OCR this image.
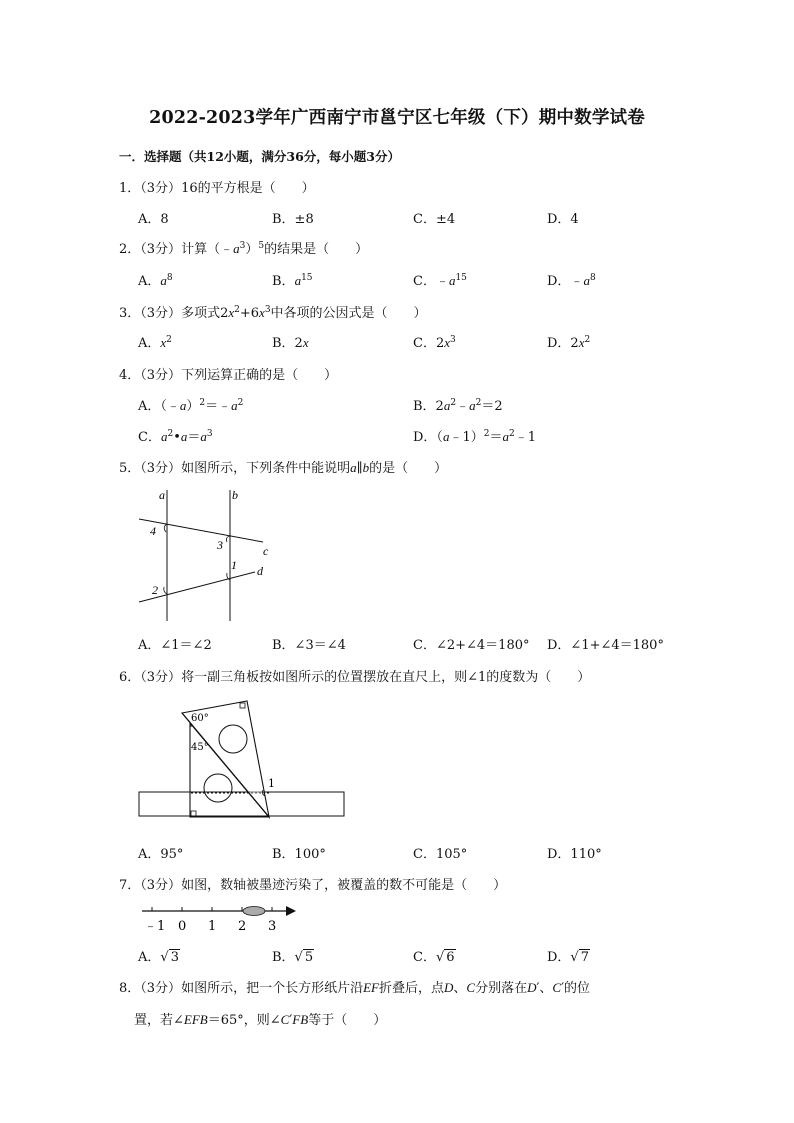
2022-2023学年广西南宁市邕宁区七年级（下）期中数学试卷
一．选择题（共12小题，满分36分，每小题3分）
1．（3分）16的平方根是（　　）
A．8	B．±8	C．±4	D．4
2．（3分）计算$(﹣a^3)^5$的结果是（　　）
A．$a^8$	B．$a^{15}$	C．$﹣a^{15}$	D．$﹣a^8$
3．（3分）多项式$2x^2+6x^3$中各项的公因式是（　　）
A．$x^2$	B．2x	C．$2x^3$	D．$2x^2$
4．（3分）下列运算正确的是（　　）
A．$(﹣a)^2=﹣a^2$	B．$2a^2﹣a^2=2$
C．$a^2•a=a^3$	D．$(a﹣1)^2=a^2﹣1$
5．（3分）如图所示，下列条件中能说明a∥b的是（　　）
a	b
c
d
1
2
3
4
A．∠1＝∠2	B．∠3＝∠4	C．∠2+∠4＝180° D．∠1+∠4＝180°
6．（3分）将一副三角板按如图所示的位置摆放在直尺上，则∠1的度数为（　　）
60°
45°
1
A．95°	B．100°	C．105°	D．110°
7．（3分）如图，数轴被墨迹污染了，被覆盖的数不可能是（　　）
﹣1 0 1 2 3
A．√ 3	B．√ 5	C．√ 6	D．√ 7
8．（3分）如图所示，把一个长方形纸片沿EF折叠后，点D、C分别落在D′、C′的位
置，若∠EFB＝65°，则∠C′FB等于（　　）
